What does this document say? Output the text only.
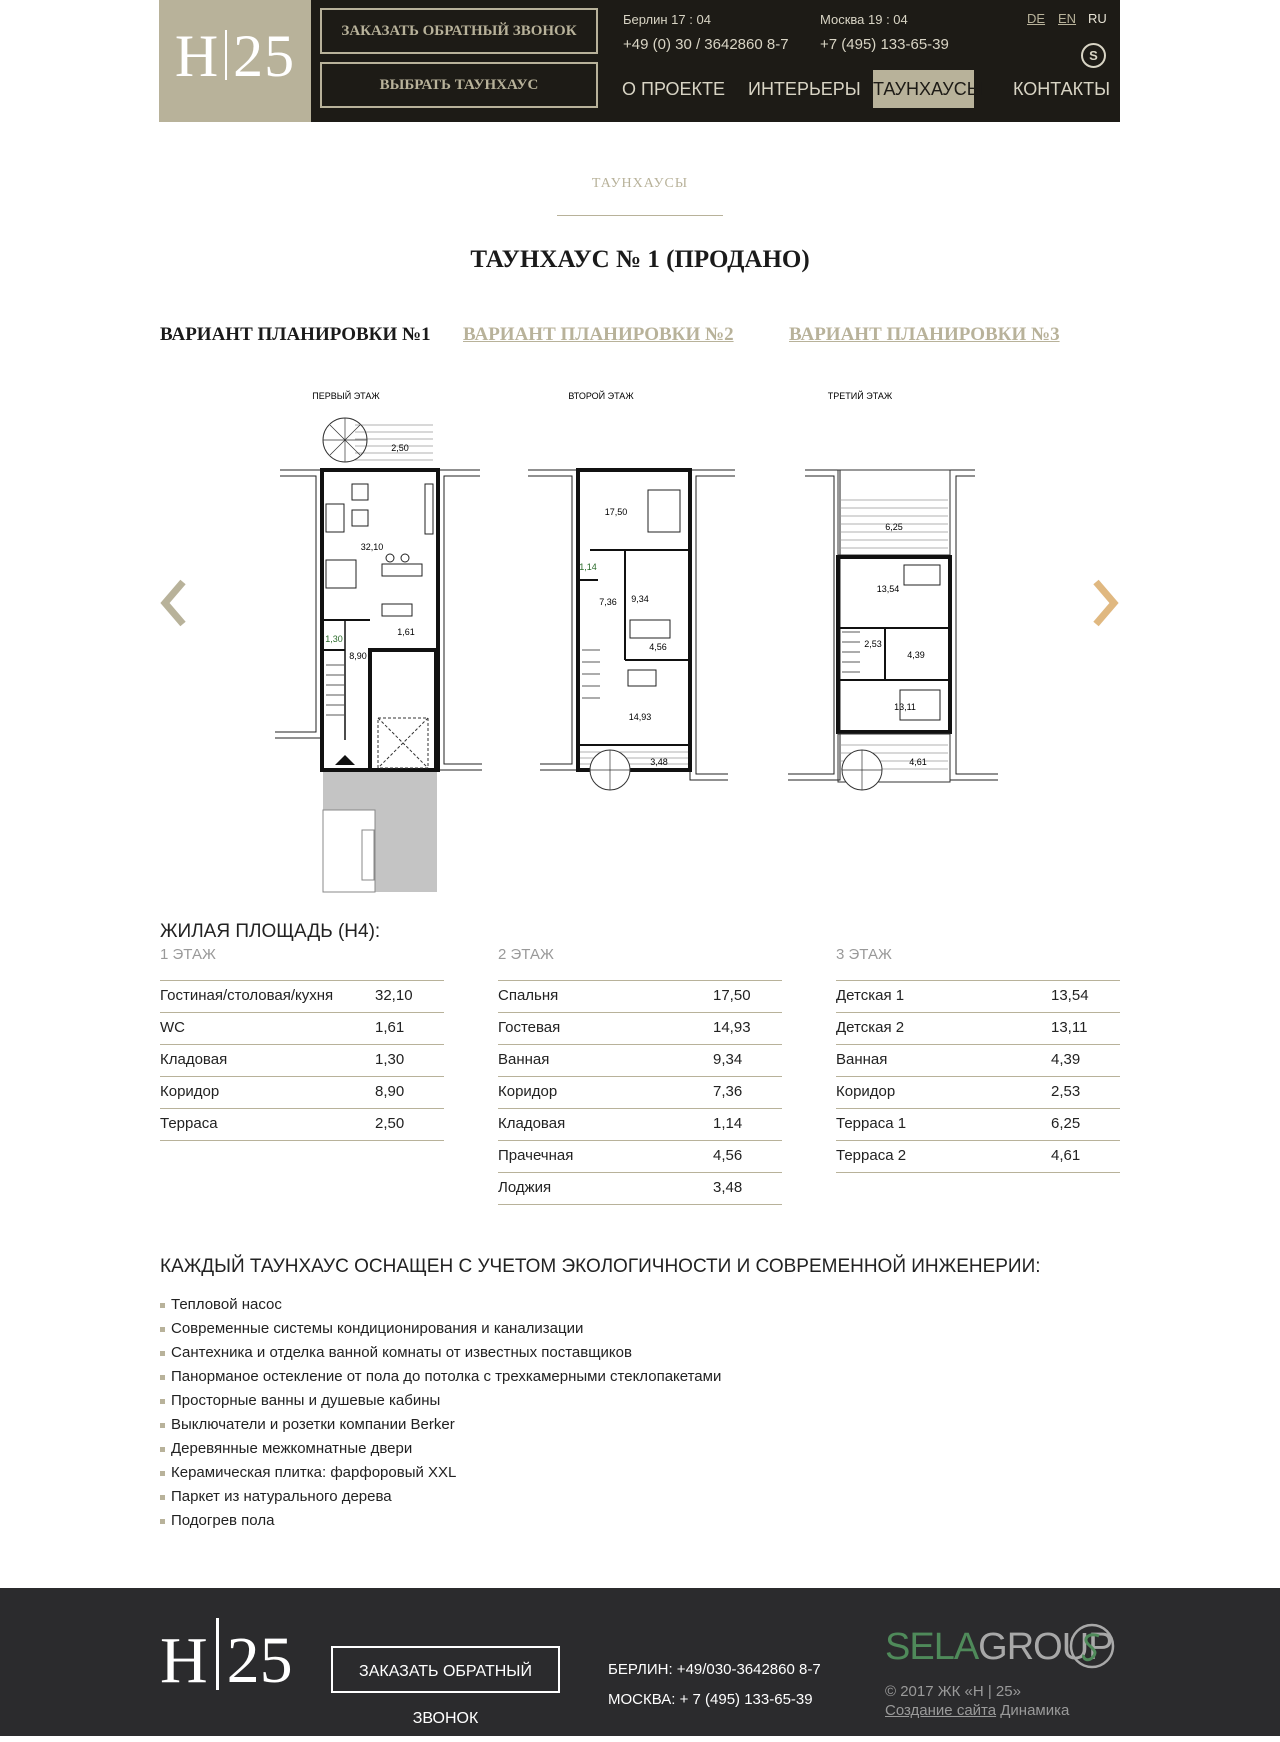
H 25	ЗАКАЗАТЬ ОБРАТНЫЙ ЗВОНОК
ВЫБРАТЬ ТАУНХАУС
Берлин 17 : 04
+49 (0) 30 / 3642860 8-7
Москва 19 : 04
+7 (495) 133-65-39
DE EN RU
S
О ПРОЕКТЕ	ИНТЕРЬЕРЫ ТАУНХАУСЫ	КОНТАКТЫ
ТАУНХАУСЫ
ТАУНХАУС № 1 (ПРОДАНО)
ВАРИАНТ ПЛАНИРОВКИ №1 ВАРИАНТ ПЛАНИРОВКИ №2	ВАРИАНТ ПЛАНИРОВКИ №3
ПЕРВЫЙ ЭТАЖ
2,50
32,10
1,61
1,30
8,90
ВТОРОЙ ЭТАЖ
17,50
1,14
7,36 9,34
4,56
14,93
3,48
ТРЕТИЙ ЭТАЖ
6,25
13,54
2,53
4,39
13,11
4,61
ЖИЛАЯ ПЛОЩАДЬ (H4):
1 ЭТАЖ
Гостиная/столовая/кухня	32,10
WC	1,61
Кладовая	1,30
Коридор	8,90
Терраса	2,50
2 ЭТАЖ
Спальня	17,50
Гостевая	14,93
Ванная	9,34
Коридор	7,36
Кладовая	1,14
Прачечная	4,56
Лоджия	3,48
3 ЭТАЖ
Детская 1	13,54
Детская 2	13,11
Ванная	4,39
Коридор	2,53
Терраса 1	6,25
Терраса 2	4,61
КАЖДЫЙ ТАУНХАУС ОСНАЩЕН С УЧЕТОМ ЭКОЛОГИЧНОСТИ И СОВРЕМЕННОЙ ИНЖЕНЕРИИ:
Тепловой насос
Современные системы кондиционирования и канализации
Сантехника и отделка ванной комнаты от известных поставщиков
Панорманое остекление от пола до потолка с трехкамерными стеклопакетами
Просторные ванны и душевые кабины
Выключатели и розетки компании Berker
Деревянные межкомнатные двери
Керамическая плитка: фарфоровый XXL
Паркет из натурального дерева
Подогрев пола
H 25	ЗАКАЗАТЬ ОБРАТНЫЙ ЗВОНОК
БЕРЛИН: +49/030-3642860 8-7
МОСКВА: + 7 (495) 133-65-39
SELAGROUP
© 2017 ЖК «Н | 25»
Создание сайта Динамика
